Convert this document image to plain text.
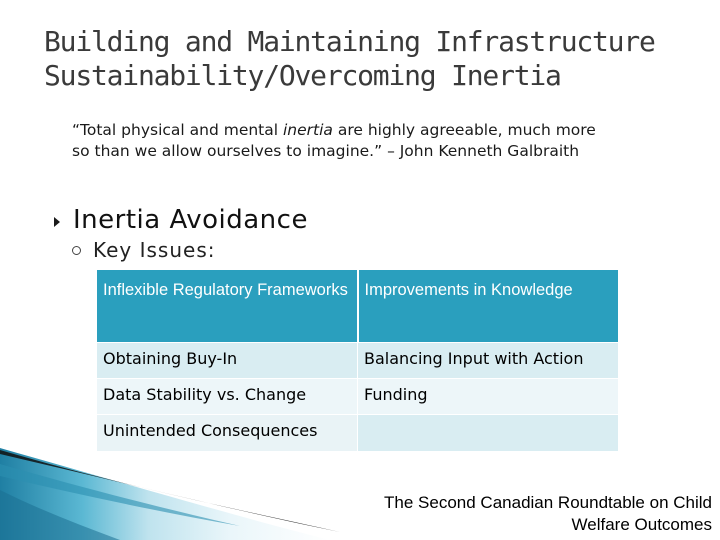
Building and Maintaining Infrastructure
Sustainability/Overcoming Inertia
“Total physical and mental inertia are highly agreeable, much more
so than we allow ourselves to imagine.” – John Kenneth Galbraith
Inertia Avoidance
Key Issues:
Inflexible Regulatory Frameworks	Improvements in Knowledge
Obtaining Buy-In	Balancing Input with Action
Data Stability vs. Change	Funding
Unintended Consequences	
The Second Canadian Roundtable on Child
Welfare Outcomes
